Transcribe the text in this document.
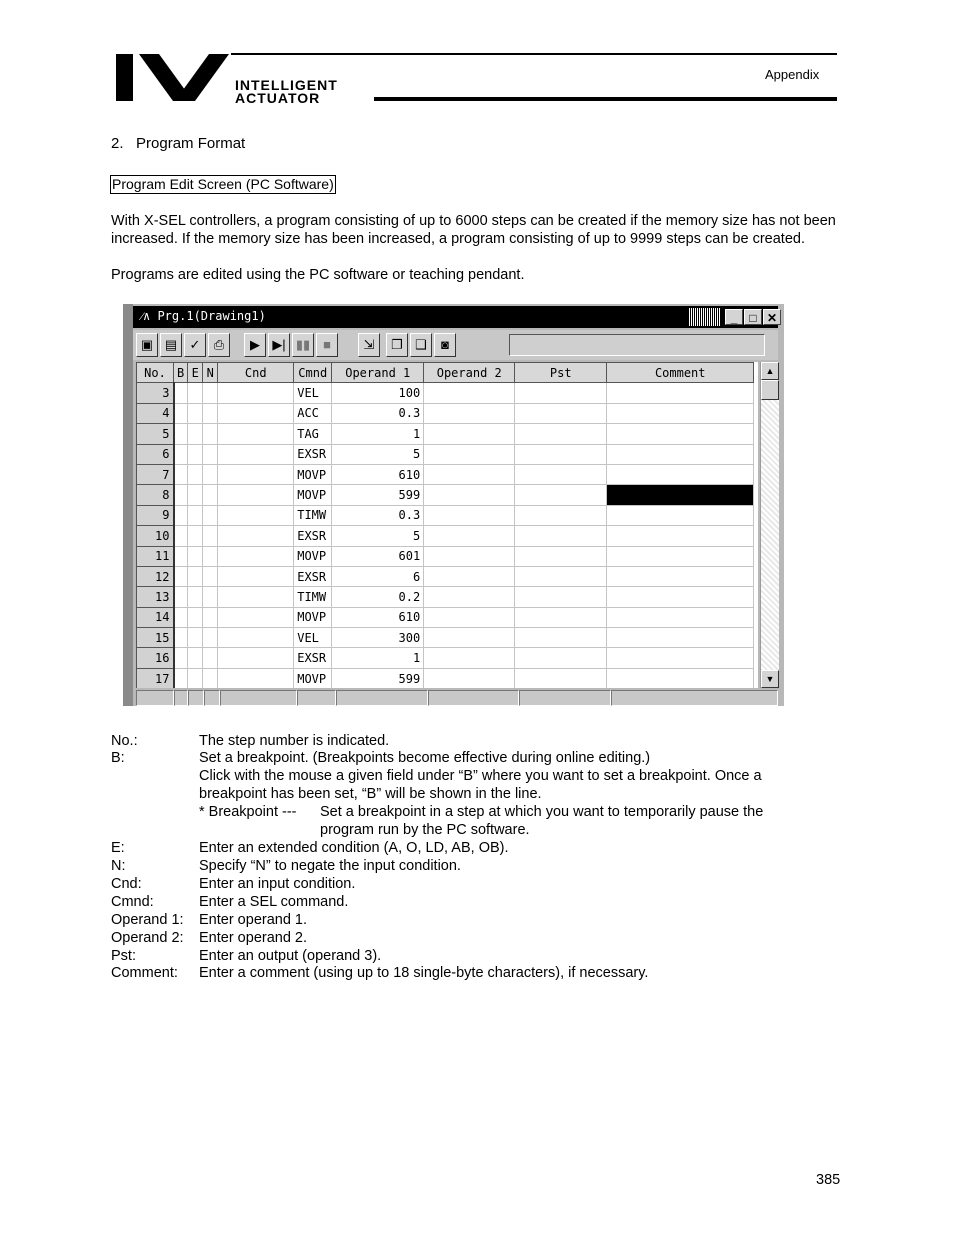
INTELLIGENT
ACTUATOR
Appendix
2.   Program Format
Program Edit Screen (PC Software)
With X-SEL controllers, a program consisting of up to 6000 steps can be created if the memory size has not been increased. If the memory size has been increased, a program consisting of up to 9999 steps can be created.
Programs are edited using the PC software or teaching pendant.
⁄∧ Prg.1(Drawing1)	_	□ ✕
▣ ▤ ✓	⎙	▶ ▶| ▮▮ ■	⇲	❐ ❑	◙
No.	B	E	N	Cnd	Cmnd	Operand 1	Operand 2	Pst	Comment
3					VEL	100			
4					ACC	0.3			
5					TAG	1			
6					EXSR	5			
7					MOVP	610			
8					MOVP	599			
9					TIMW	0.3			
10					EXSR	5			
11					MOVP	601			
12					EXSR	6			
13					TIMW	0.2			
14					MOVP	610			
15					VEL	300			
16					EXSR	1			
17					MOVP	599			
▲
▼
No.:	The step number is indicated.
B:	Set a breakpoint. (Breakpoints become effective during online editing.)
Click with the mouse a given field under “B” where you want to set a breakpoint. Once a
breakpoint has been set, “B” will be shown in the line.
* Breakpoint --- Set a breakpoint in a step at which you want to temporarily pause the
program run by the PC software.
E:	Enter an extended condition (A, O, LD, AB, OB).
N:	Specify “N” to negate the input condition.
Cnd:	Enter an input condition.
Cmnd:	Enter a SEL command.
Operand 1: Enter operand 1.
Operand 2: Enter operand 2.
Pst:	Enter an output (operand 3).
Comment: Enter a comment (using up to 18 single-byte characters), if necessary.
385
